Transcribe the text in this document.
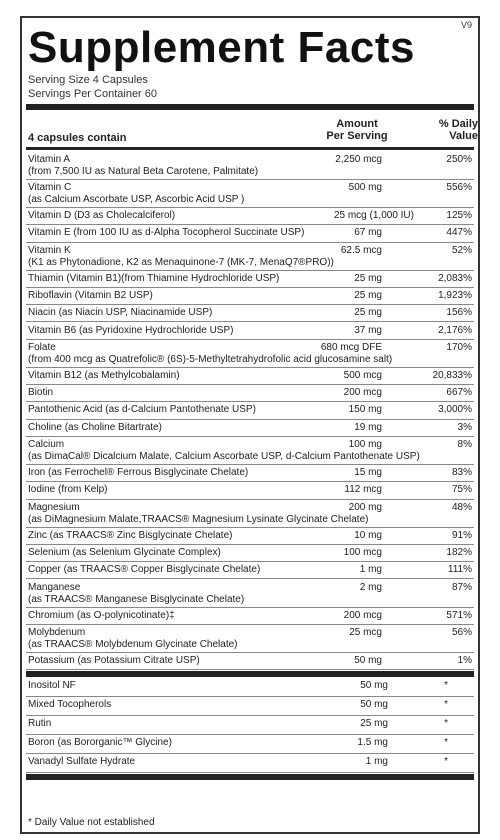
Supplement Facts	V9
Serving Size 4 Capsules
Servings Per Container 60
4 capsules contain
Amount
Per Serving
% Daily
Value
Vitamin A
(from 7,500 IU as Natural Beta Carotene, Palmitate)
2,250 mcg	250%
Vitamin C
(as Calcium Ascorbate USP, Ascorbic Acid USP )
500 mg	556%
Vitamin D (D3 as Cholecalciferol)	25 mcg (1,000 IU)	125%
Vitamin E (from 100 IU as d-Alpha Tocopherol Succinate USP)	67 mg	447%
Vitamin K
(K1 as Phytonadione, K2 as Menaquinone-7 (MK-7, MenaQ7®PRO))
62.5 mcg	52%
Thiamin (Vitamin B1)(from Thiamine Hydrochloride USP)	25 mg	2,083%
Riboflavin (Vitamin B2 USP)	25 mg	1,923%
Niacin (as Niacin USP, Niacinamide USP)	25 mg	156%
Vitamin B6 (as Pyridoxine Hydrochloride USP)	37 mg	2,176%
Folate
(from 400 mcg as Quatrefolic® (6S)-5-Methyltetrahydrofolic acid glucosamine salt)
680 mcg DFE	170%
Vitamin B12 (as Methylcobalamin)	500 mcg	20,833%
Biotin	200 mcg	667%
Pantothenic Acid (as d-Calcium Pantothenate USP)	150 mg	3,000%
Choline (as Choline Bitartrate)	19 mg	3%
Calcium
(as DimaCal® Dicalcium Malate, Calcium Ascorbate USP, d-Calcium Pantothenate USP)
100 mg	8%
Iron (as Ferrochel® Ferrous Bisglycinate Chelate)	15 mg	83%
Iodine (from Kelp)	112 mcg	75%
Magnesium
(as DiMagnesium Malate,TRAACS® Magnesium Lysinate Glycinate Chelate)
200 mg	48%
Zinc (as TRAACS® Zinc Bisglycinate Chelate)	10 mg	91%
Selenium (as Selenium Glycinate Complex)	100 mcg	182%
Copper (as TRAACS® Copper Bisglycinate Chelate)	1 mg	111%
Manganese
(as TRAACS® Manganese Bisglycinate Chelate)
2 mg	87%
Chromium (as O-polynicotinate)‡	200 mcg	571%
Molybdenum
(as TRAACS® Molybdenum Glycinate Chelate)
25 mcg	56%
Potassium (as Potassium Citrate USP)	50 mg	1%
Inositol NF	50 mg	*
Mixed Tocopherols	50 mg	*
Rutin	25 mg	*
Boron (as Bororganic™ Glycine)	1.5 mg	*
Vanadyl Sulfate Hydrate	1 mg	*
* Daily Value not established
